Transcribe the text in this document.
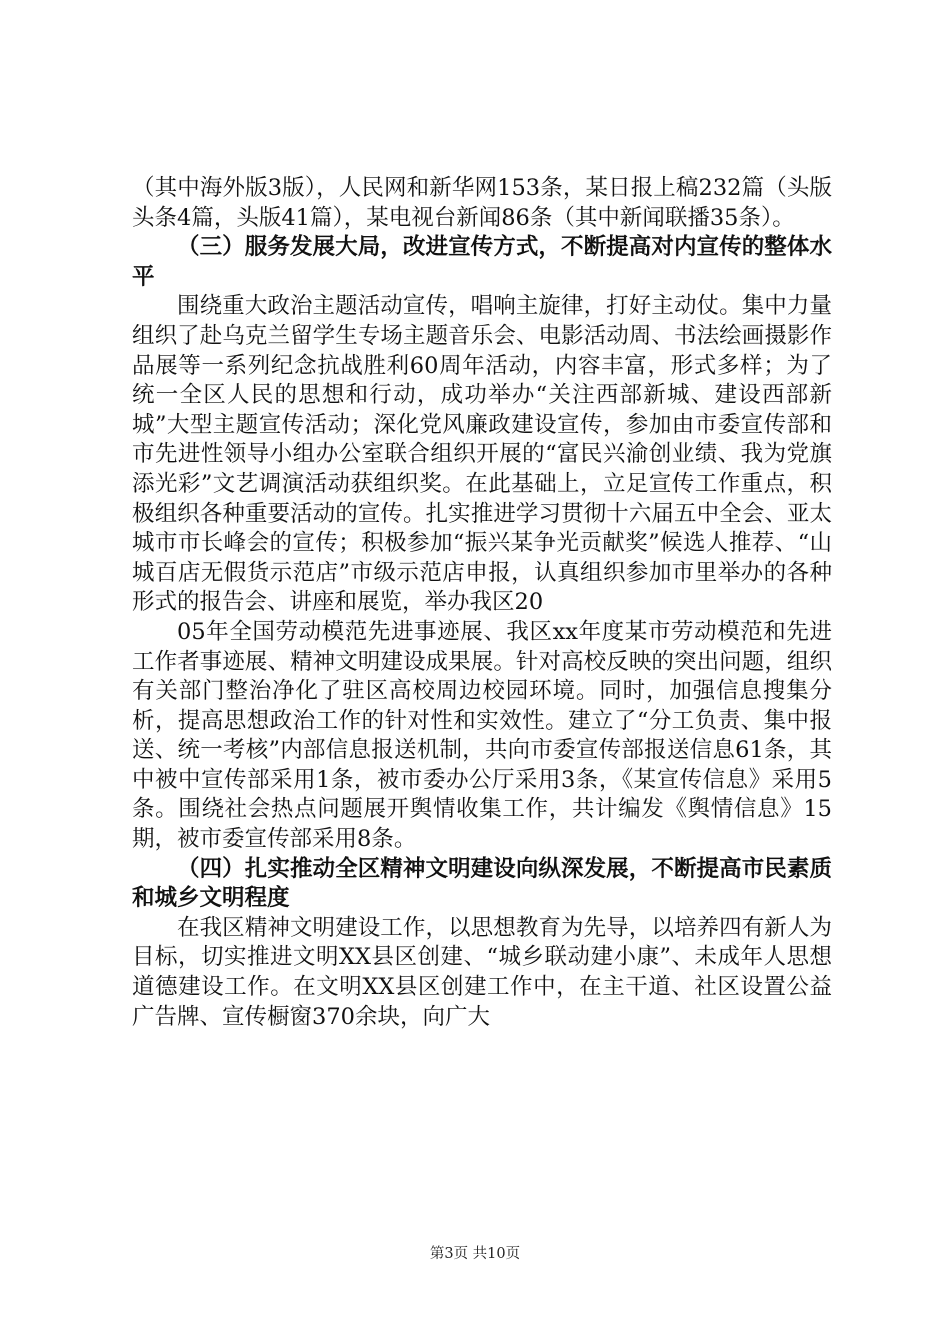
（其中海外版3版），人民网和新华网153条，某日报上稿232篇（头版头条4篇，头版41篇），某电视台新闻86条（其中新闻联播35条）。

（三）服务发展大局，改进宣传方式，不断提高对内宣传的整体水平

围绕重大政治主题活动宣传，唱响主旋律，打好主动仗。集中力量组织了赴乌克兰留学生专场主题音乐会、电影活动周、书法绘画摄影作品展等一系列纪念抗战胜利60周年活动，内容丰富，形式多样；为了统一全区人民的思想和行动，成功举办“关注西部新城、建设西部新城”大型主题宣传活动；深化党风廉政建设宣传，参加由市委宣传部和市先进性领导小组办公室联合组织开展的“富民兴渝创业绩、我为党旗添光彩”文艺调演活动获组织奖。在此基础上，立足宣传工作重点，积极组织各种重要活动的宣传。扎实推进学习贯彻十六届五中全会、亚太城市市长峰会的宣传；积极参加“振兴某争光贡献奖”候选人推荐、“山城百店无假货示范店”市级示范店申报，认真组织参加市里举办的各种形式的报告会、讲座和展览，举办我区20

05年全国劳动模范先进事迹展、我区xx年度某市劳动模范和先进工作者事迹展、精神文明建设成果展。针对高校反映的突出问题，组织有关部门整治净化了驻区高校周边校园环境。同时，加强信息搜集分析，提高思想政治工作的针对性和实效性。建立了“分工负责、集中报送、统一考核”内部信息报送机制，共向市委宣传部报送信息61条，其中被中宣传部采用1条，被市委办公厅采用3条，《某宣传信息》采用5条。围绕社会热点问题展开舆情收集工作，共计编发《舆情信息》15期，被市委宣传部采用8条。

（四）扎实推动全区精神文明建设向纵深发展，不断提高市民素质和城乡文明程度

在我区精神文明建设工作，以思想教育为先导，以培养四有新人为目标，切实推进文明XX县区创建、“城乡联动建小康”、未成年人思想道德建设工作。在文明XX县区创建工作中，在主干道、社区设置公益广告牌、宣传橱窗370余块，向广大

第3页 共10页
